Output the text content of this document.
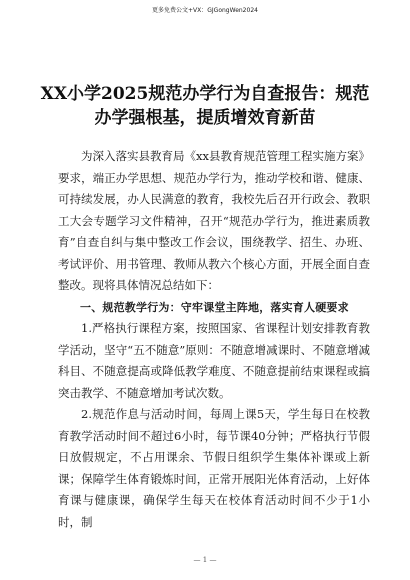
更多免费公文+VX：GJGongWen2024
XX小学2025规范办学行为自查报告：规范办学强根基，提质增效育新苗

为深入落实县教育局《xx县教育规范管理工程实施方案》要求，端正办学思想、规范办学行为，推动学校和谐、健康、可持续发展，办人民满意的教育，我校先后召开行政会、教职工大会专题学习文件精神，召开“规范办学行为，推进素质教育”自查自纠与集中整改工作会议，围绕教学、招生、办班、考试评价、用书管理、教师从教六个核心方面，开展全面自查整改。现将具体情况总结如下：

一、规范教学行为：守牢课堂主阵地，落实育人硬要求

1.严格执行课程方案，按照国家、省课程计划安排教育教学活动，坚守“五不随意”原则：不随意增减课时、不随意增减科目、不随意提高或降低教学难度、不随意提前结束课程或搞突击教学、不随意增加考试次数。

2.规范作息与活动时间，每周上课5天，学生每日在校教育教学活动时间不超过6小时，每节课40分钟；严格执行节假日放假规定，不占用课余、节假日组织学生集体补课或上新课；保障学生体育锻炼时间，正常开展阳光体育活动，上好体育课与健康课，确保学生每天在校体育活动时间不少于1小时，制

— 1 —
